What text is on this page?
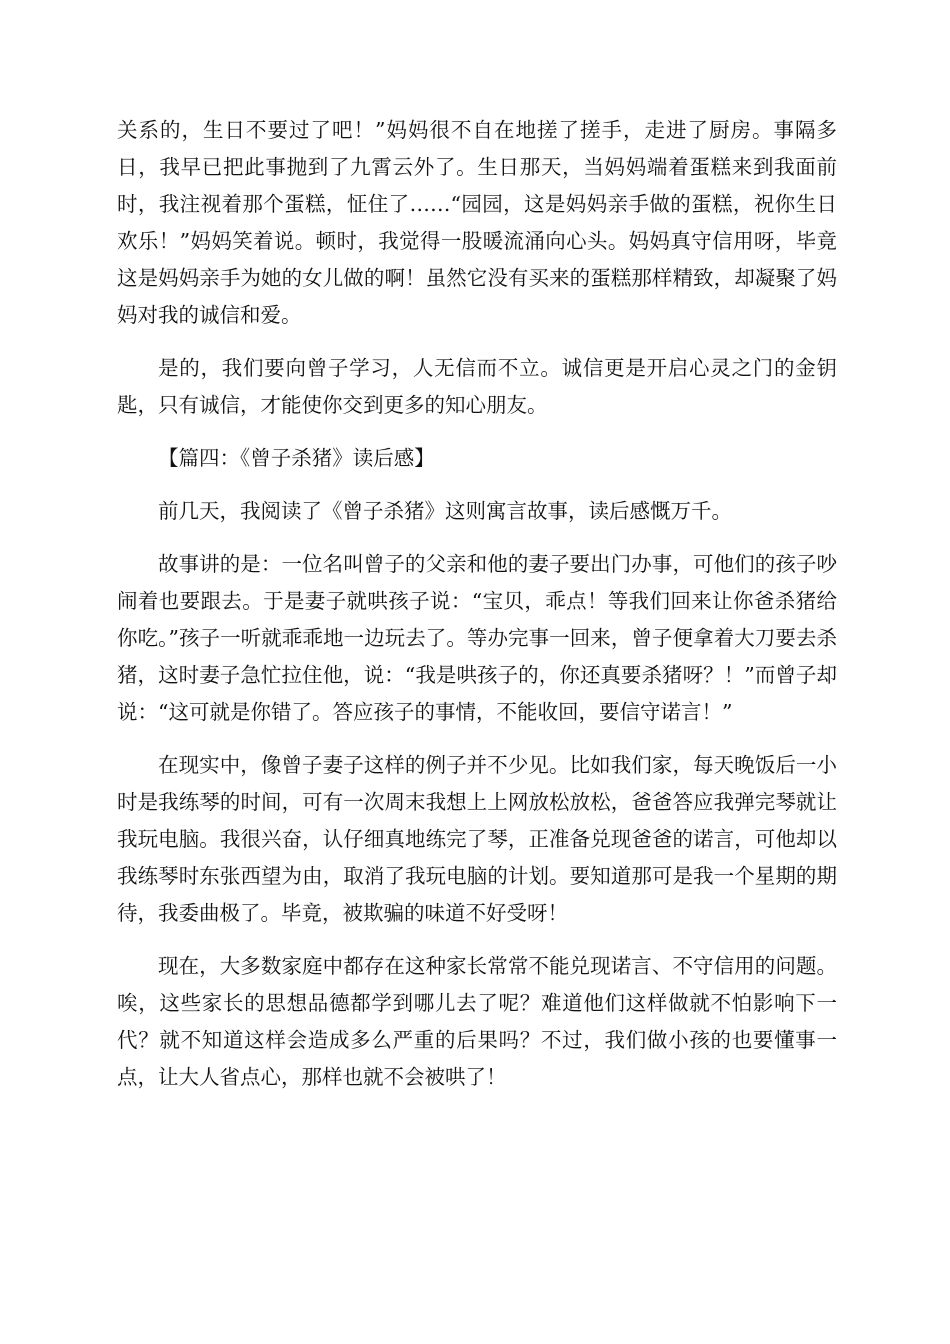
关系的，生日不要过了吧！”妈妈很不自在地搓了搓手，走进了厨房。事隔多日，我早已把此事抛到了九霄云外了。生日那天，当妈妈端着蛋糕来到我面前时，我注视着那个蛋糕，怔住了……“园园，这是妈妈亲手做的蛋糕，祝你生日欢乐！”妈妈笑着说。顿时，我觉得一股暖流涌向心头。妈妈真守信用呀，毕竟这是妈妈亲手为她的女儿做的啊！虽然它没有买来的蛋糕那样精致，却凝聚了妈妈对我的诚信和爱。

是的，我们要向曾子学习，人无信而不立。诚信更是开启心灵之门的金钥匙，只有诚信，才能使你交到更多的知心朋友。

【篇四：《曾子杀猪》读后感】

前几天，我阅读了《曾子杀猪》这则寓言故事，读后感慨万千。

故事讲的是：一位名叫曾子的父亲和他的妻子要出门办事，可他们的孩子吵闹着也要跟去。于是妻子就哄孩子说：“宝贝，乖点！等我们回来让你爸杀猪给你吃。”孩子一听就乖乖地一边玩去了。等办完事一回来，曾子便拿着大刀要去杀猪，这时妻子急忙拉住他，说：“我是哄孩子的，你还真要杀猪呀？！”而曾子却说：“这可就是你错了。答应孩子的事情，不能收回，要信守诺言！”

在现实中，像曾子妻子这样的例子并不少见。比如我们家，每天晚饭后一小时是我练琴的时间，可有一次周末我想上上网放松放松，爸爸答应我弹完琴就让我玩电脑。我很兴奋，认仔细真地练完了琴，正准备兑现爸爸的诺言，可他却以我练琴时东张西望为由，取消了我玩电脑的计划。要知道那可是我一个星期的期待，我委曲极了。毕竟，被欺骗的味道不好受呀！

现在，大多数家庭中都存在这种家长常常不能兑现诺言、不守信用的问题。唉，这些家长的思想品德都学到哪儿去了呢？难道他们这样做就不怕影响下一代？就不知道这样会造成多么严重的后果吗？不过，我们做小孩的也要懂事一点，让大人省点心，那样也就不会被哄了！
